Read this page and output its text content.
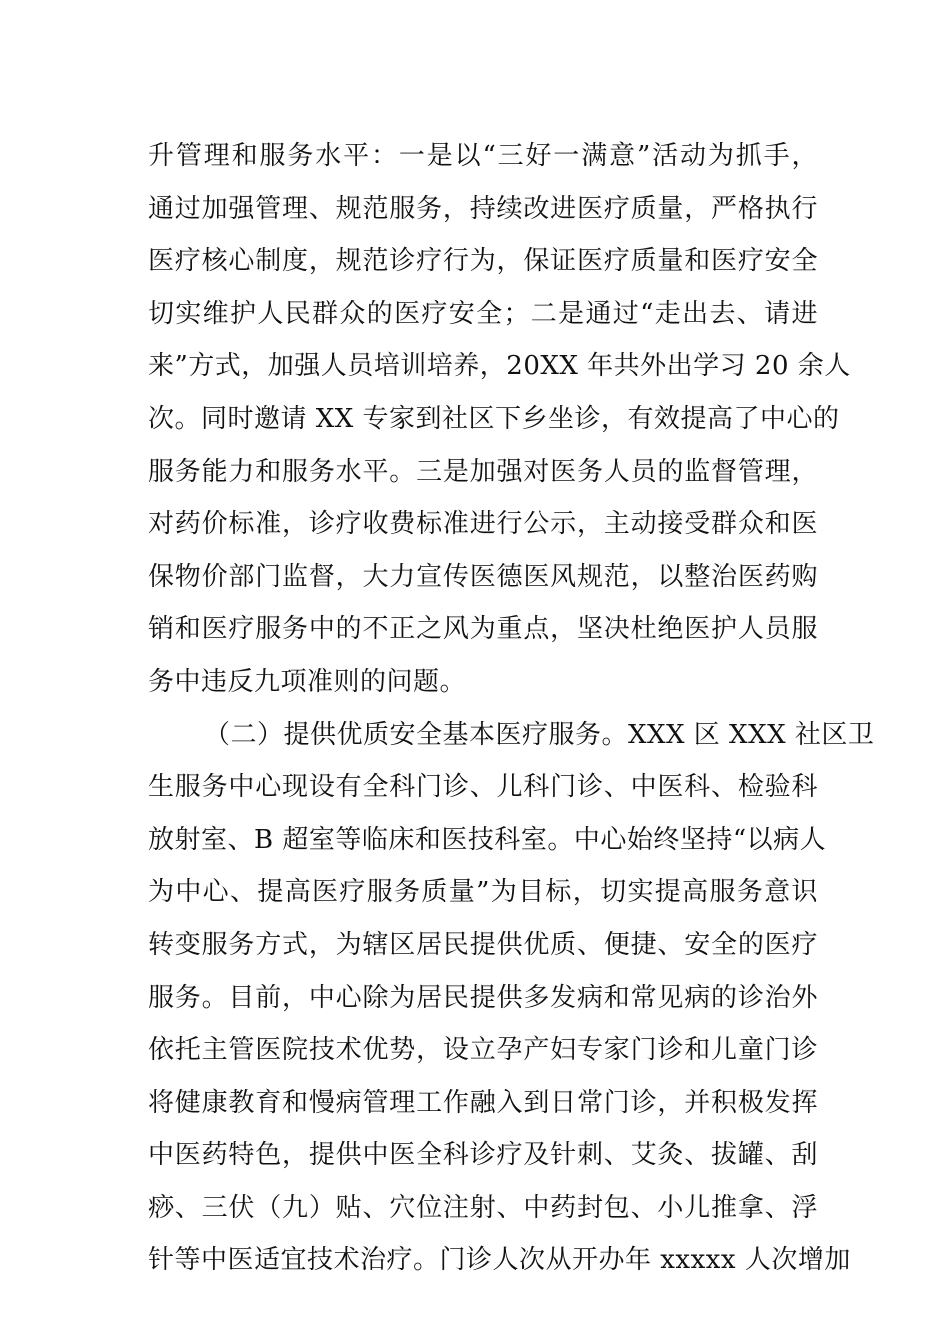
升管理和服务水平：一是以“三好一满意”活动为抓手，
通过加强管理、规范服务，持续改进医疗质量，严格执行
医疗核心制度，规范诊疗行为，保证医疗质量和医疗安全
切实维护人民群众的医疗安全；二是通过“走出去、请进
来”方式，加强人员培训培养，20XX 年共外出学习 20 余人
次。同时邀请 XX 专家到社区下乡坐诊，有效提高了中心的
服务能力和服务水平。三是加强对医务人员的监督管理，
对药价标准，诊疗收费标准进行公示，主动接受群众和医
保物价部门监督，大力宣传医德医风规范，以整治医药购
销和医疗服务中的不正之风为重点，坚决杜绝医护人员服
务中违反九项准则的问题。
（二）提供优质安全基本医疗服务。XXX 区 XXX 社区卫
生服务中心现设有全科门诊、儿科门诊、中医科、检验科
放射室、B 超室等临床和医技科室。中心始终坚持“以病人
为中心、提高医疗服务质量”为目标，切实提高服务意识
转变服务方式，为辖区居民提供优质、便捷、安全的医疗
服务。目前，中心除为居民提供多发病和常见病的诊治外
依托主管医院技术优势，设立孕产妇专家门诊和儿童门诊
将健康教育和慢病管理工作融入到日常门诊，并积极发挥
中医药特色，提供中医全科诊疗及针刺、艾灸、拔罐、刮
痧、三伏（九）贴、穴位注射、中药封包、小儿推拿、浮
针等中医适宜技术治疗。门诊人次从开办年 xxxxx 人次增加
